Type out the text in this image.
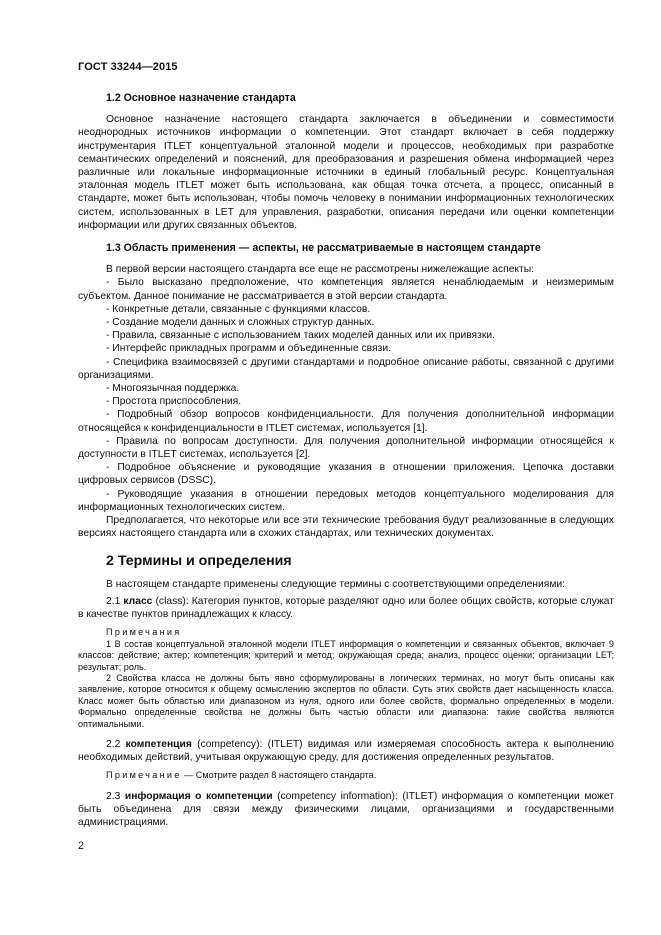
ГОСТ 33244—2015

1.2 Основное назначение стандарта

Основное назначение настоящего стандарта заключается в объединении и совместимости неоднородных источников информации о компетенции. Этот стандарт включает в себя поддержку инструментария ITLET концептуальной эталонной модели и процессов, необходимых при разработке семантических определений и пояснений, для преобразования и разрешения обмена информацией через различные или локальные информационные источники в единый глобальный ресурс. Концептуальная эталонная модель ITLET может быть использована, как общая точка отсчета, а процесс, описанный в стандарте, может быть использован, чтобы помочь человеку в понимании информационных технологических систем, использованных в LET для управления, разработки, описания передачи или оценки компетенции информации или других связанных объектов.

1.3 Область применения — аспекты, не рассматриваемые в настоящем стандарте

В первой версии настоящего стандарта все еще не рассмотрены нижележащие аспекты:

- Было высказано предположение, что компетенция является ненаблюдаемым и неизмеримым субъектом. Данное понимание не рассматривается в этой версии стандарта.

- Конкретные детали, связанные с функциями классов.

- Создание модели данных и сложных структур данных.

- Правила, связанные с использованием таких моделей данных или их привязки.

- Интерфейс прикладных программ и объединенные связи.

- Специфика взаимосвязей с другими стандартами и подробное описание работы, связанной с другими организациями.

- Многоязычная поддержка.

- Простота приспособления.

- Подробный обзор вопросов конфиденциальности. Для получения дополнительной информации относящейся к конфиденциальности в ITLET системах, используется [1].

- Правила по вопросам доступности. Для получения дополнительной информации относящейся к доступности в ITLET системах, используется [2].

- Подробное объяснение и руководящие указания в отношении приложения. Цепочка доставки цифровых сервисов (DSSC).

- Руководящие указания в отношении передовых методов концептуального моделирования для информационных технологических систем.

Предполагается, что некоторые или все эти технические требования будут реализованные в следующих версиях настоящего стандарта или в схожих стандартах, или технических документах.

2 Термины и определения

В настоящем стандарте применены следующие термины с соответствующими определениями:

2.1 класс (class): Категория пунктов, которые разделяют одно или более общих свойств, которые служат в качестве пунктов принадлежащих к классу.

Примечания

1 В состав концептуальной эталонной модели ITLET информация о компетенции и связанных объектов, включает 9 классов: действие; актер; компетенция; критерий и метод; окружающая среда; анализ, процесс оценки; организации LET; результат; роль.

2 Свойства класса не должны быть явно сформулированы в логических терминах, но могут быть описаны как заявление, которое относится к общему осмыслению экспертов по области. Суть этих свойств дает насыщенность класса. Класс может быть областью или диапазоном из нуля, одного или более свойств, формально определенных в модели. Формально определенные свойства не должны быть частью области или диапазона: такие свойства являются оптимальными.

2.2 компетенция (competency): (ITLET) видимая или измеряемая способность актера к выполнению необходимых действий, учитывая окружающую среду, для достижения определенных результатов.

Примечание — Смотрите раздел 8 настоящего стандарта.

2.3 информация о компетенции (competency information): (ITLET) информация о компетенции может быть объединена для связи между физическими лицами, организациями и государственными администрациями.

2
